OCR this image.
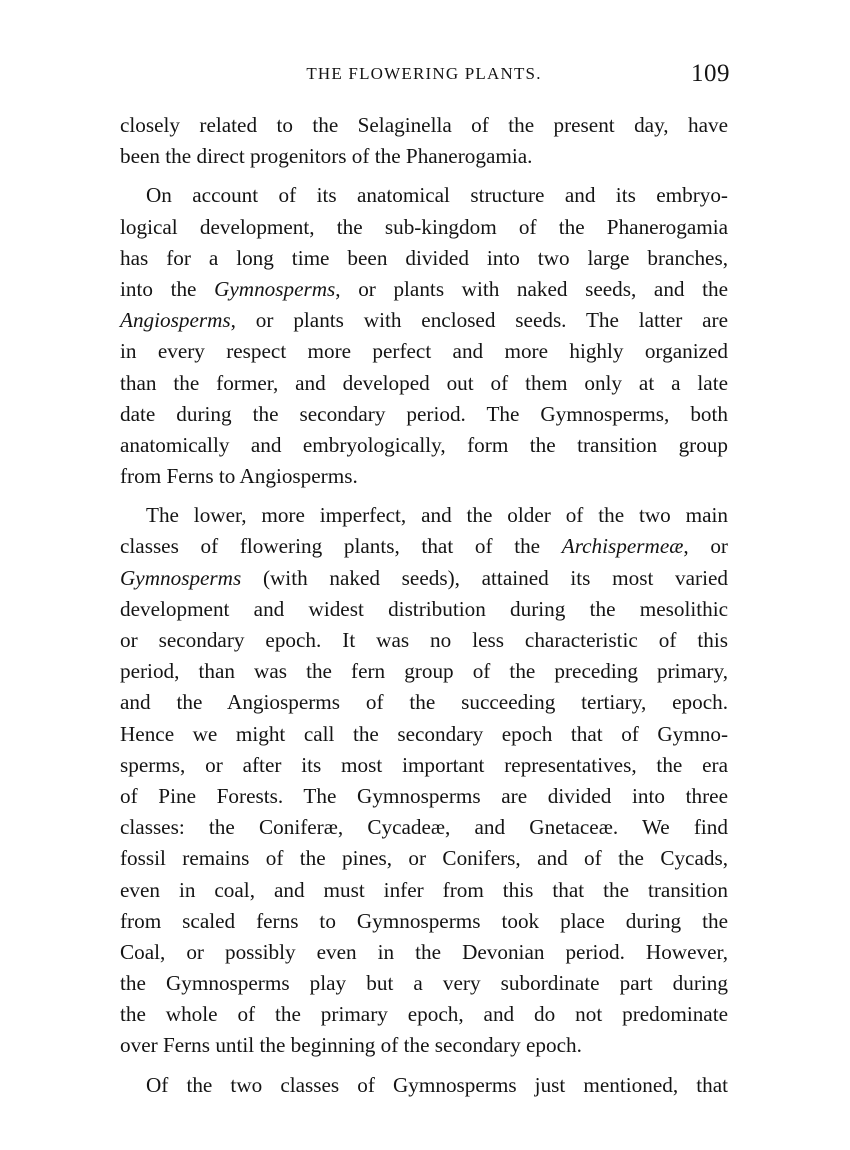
THE FLOWERING PLANTS.	109
closely related to the Selaginella of the present day, have
been the direct progenitors of the Phanerogamia.
On account of its anatomical structure and its embryo-
logical development, the sub-kingdom of the Phanerogamia
has for a long time been divided into two large branches,
into the Gymnosperms, or plants with naked seeds, and the
Angiosperms, or plants with enclosed seeds. The latter are
in every respect more perfect and more highly organized
than the former, and developed out of them only at a late
date during the secondary period. The Gymnosperms, both
anatomically and embryologically, form the transition group
from Ferns to Angiosperms.
The lower, more imperfect, and the older of the two main
classes of flowering plants, that of the Archispermeæ, or
Gymnosperms (with naked seeds), attained its most varied
development and widest distribution during the mesolithic
or secondary epoch. It was no less characteristic of this
period, than was the fern group of the preceding primary,
and the Angiosperms of the succeeding tertiary, epoch.
Hence we might call the secondary epoch that of Gymno-
sperms, or after its most important representatives, the era
of Pine Forests. The Gymnosperms are divided into three
classes: the Coniferæ, Cycadeæ, and Gnetaceæ. We find
fossil remains of the pines, or Conifers, and of the Cycads,
even in coal, and must infer from this that the transition
from scaled ferns to Gymnosperms took place during the
Coal, or possibly even in the Devonian period. However,
the Gymnosperms play but a very subordinate part during
the whole of the primary epoch, and do not predominate
over Ferns until the beginning of the secondary epoch.
Of the two classes of Gymnosperms just mentioned, that
